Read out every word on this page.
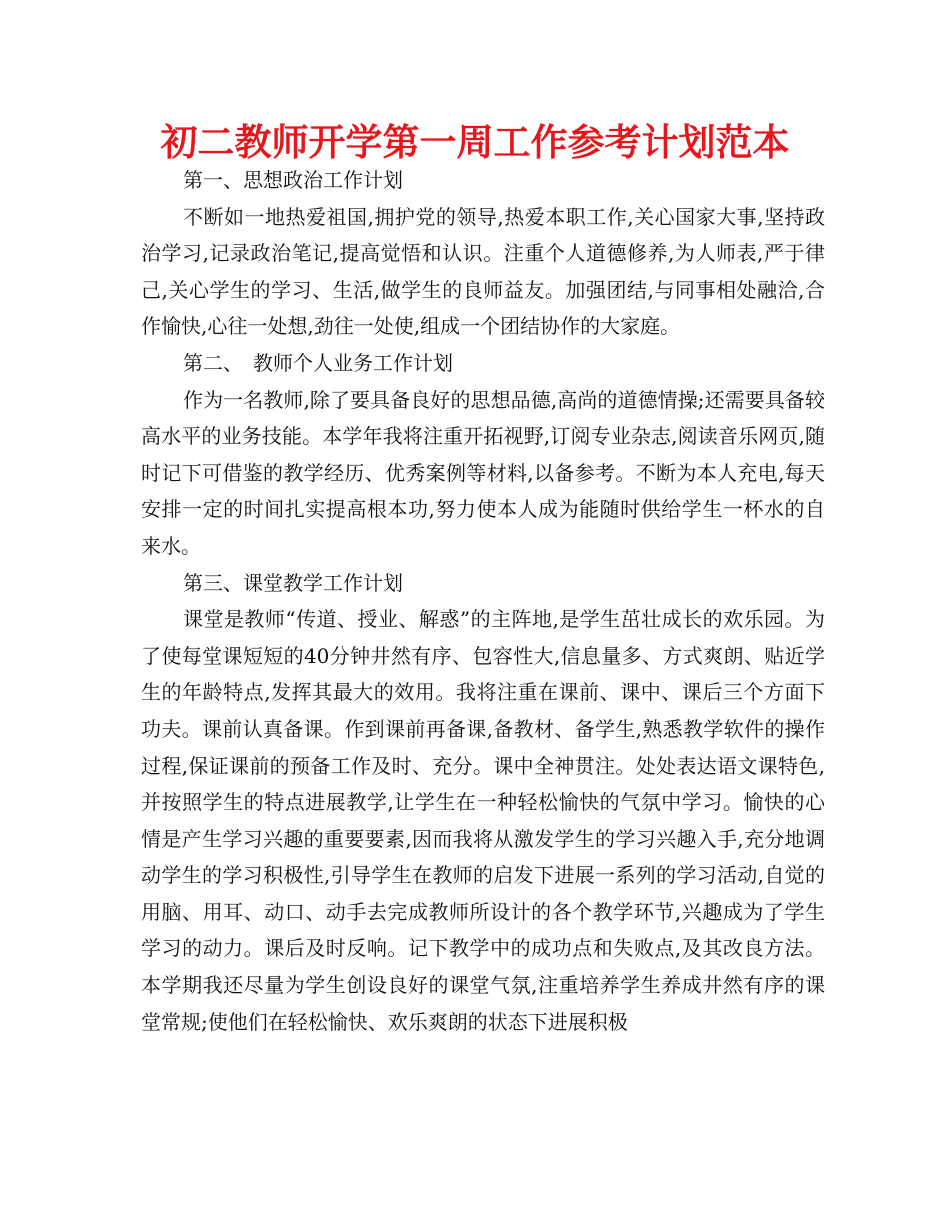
初二教师开学第一周工作参考计划范本

第一、思想政治工作计划

不断如一地热爱祖国,拥护党的领导,热爱本职工作,关心国家大事,坚持政治学习,记录政治笔记,提高觉悟和认识。注重个人道德修养,为人师表,严于律己,关心学生的学习、生活,做学生的良师益友。加强团结,与同事相处融洽,合作愉快,心往一处想,劲往一处使,组成一个团结协作的大家庭。

第二、　教师个人业务工作计划

作为一名教师,除了要具备良好的思想品德,高尚的道德情操;还需要具备较高水平的业务技能。本学年我将注重开拓视野,订阅专业杂志,阅读音乐网页,随时记下可借鉴的教学经历、优秀案例等材料,以备参考。不断为本人充电,每天安排一定的时间扎实提高根本功,努力使本人成为能随时供给学生一杯水的自来水。

第三、课堂教学工作计划

课堂是教师“传道、授业、解惑”的主阵地,是学生茁壮成长的欢乐园。为了使每堂课短短的40分钟井然有序、包容性大,信息量多、方式爽朗、贴近学生的年龄特点,发挥其最大的效用。我将注重在课前、课中、课后三个方面下功夫。课前认真备课。作到课前再备课,备教材、备学生,熟悉教学软件的操作过程,保证课前的预备工作及时、充分。课中全神贯注。处处表达语文课特色,并按照学生的特点进展教学,让学生在一种轻松愉快的气氛中学习。愉快的心情是产生学习兴趣的重要要素,因而我将从激发学生的学习兴趣入手,充分地调动学生的学习积极性,引导学生在教师的启发下进展一系列的学习活动,自觉的用脑、用耳、动口、动手去完成教师所设计的各个教学环节,兴趣成为了学生学习的动力。课后及时反响。记下教学中的成功点和失败点,及其改良方法。本学期我还尽量为学生创设良好的课堂气氛,注重培养学生养成井然有序的课堂常规;使他们在轻松愉快、欢乐爽朗的状态下进展积极
